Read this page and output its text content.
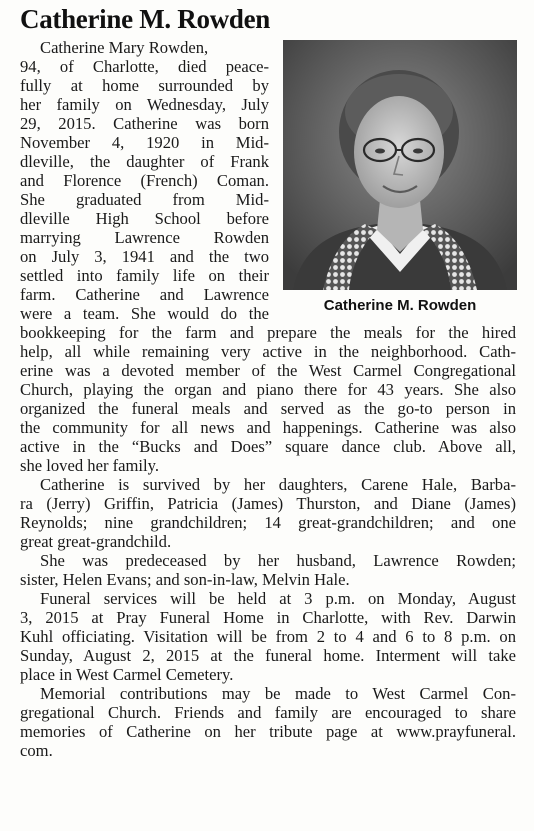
Catherine M. Rowden
Catherine M. Rowden
Catherine Mary Rowden,
94, of Charlotte, died peace-
fully at home surrounded by
her family on Wednesday, July
29, 2015. Catherine was born
November 4, 1920 in Mid-
dleville, the daughter of Frank
and Florence (French) Coman.
She graduated from Mid-
dleville High School before
marrying Lawrence Rowden
on July 3, 1941 and the two
settled into family life on their
farm. Catherine and Lawrence
were a team. She would do the
bookkeeping for the farm and prepare the meals for the hired
help, all while remaining very active in the neighborhood. Cath-
erine was a devoted member of the West Carmel Congregational
Church, playing the organ and piano there for 43 years. She also
organized the funeral meals and served as the go-to person in
the community for all news and happenings. Catherine was also
active in the “Bucks and Does” square dance club. Above all,
she loved her family.
Catherine is survived by her daughters, Carene Hale, Barba-
ra (Jerry) Griffin, Patricia (James) Thurston, and Diane (James)
Reynolds; nine grandchildren; 14 great-grandchildren; and one
great great-grandchild.
She was predeceased by her husband, Lawrence Rowden;
sister, Helen Evans; and son-in-law, Melvin Hale.
Funeral services will be held at 3 p.m. on Monday, August
3, 2015 at Pray Funeral Home in Charlotte, with Rev. Darwin
Kuhl officiating. Visitation will be from 2 to 4 and 6 to 8 p.m. on
Sunday, August 2, 2015 at the funeral home. Interment will take
place in West Carmel Cemetery.
Memorial contributions may be made to West Carmel Con-
gregational Church. Friends and family are encouraged to share
memories of Catherine on her tribute page at www.prayfuneral.
com.
